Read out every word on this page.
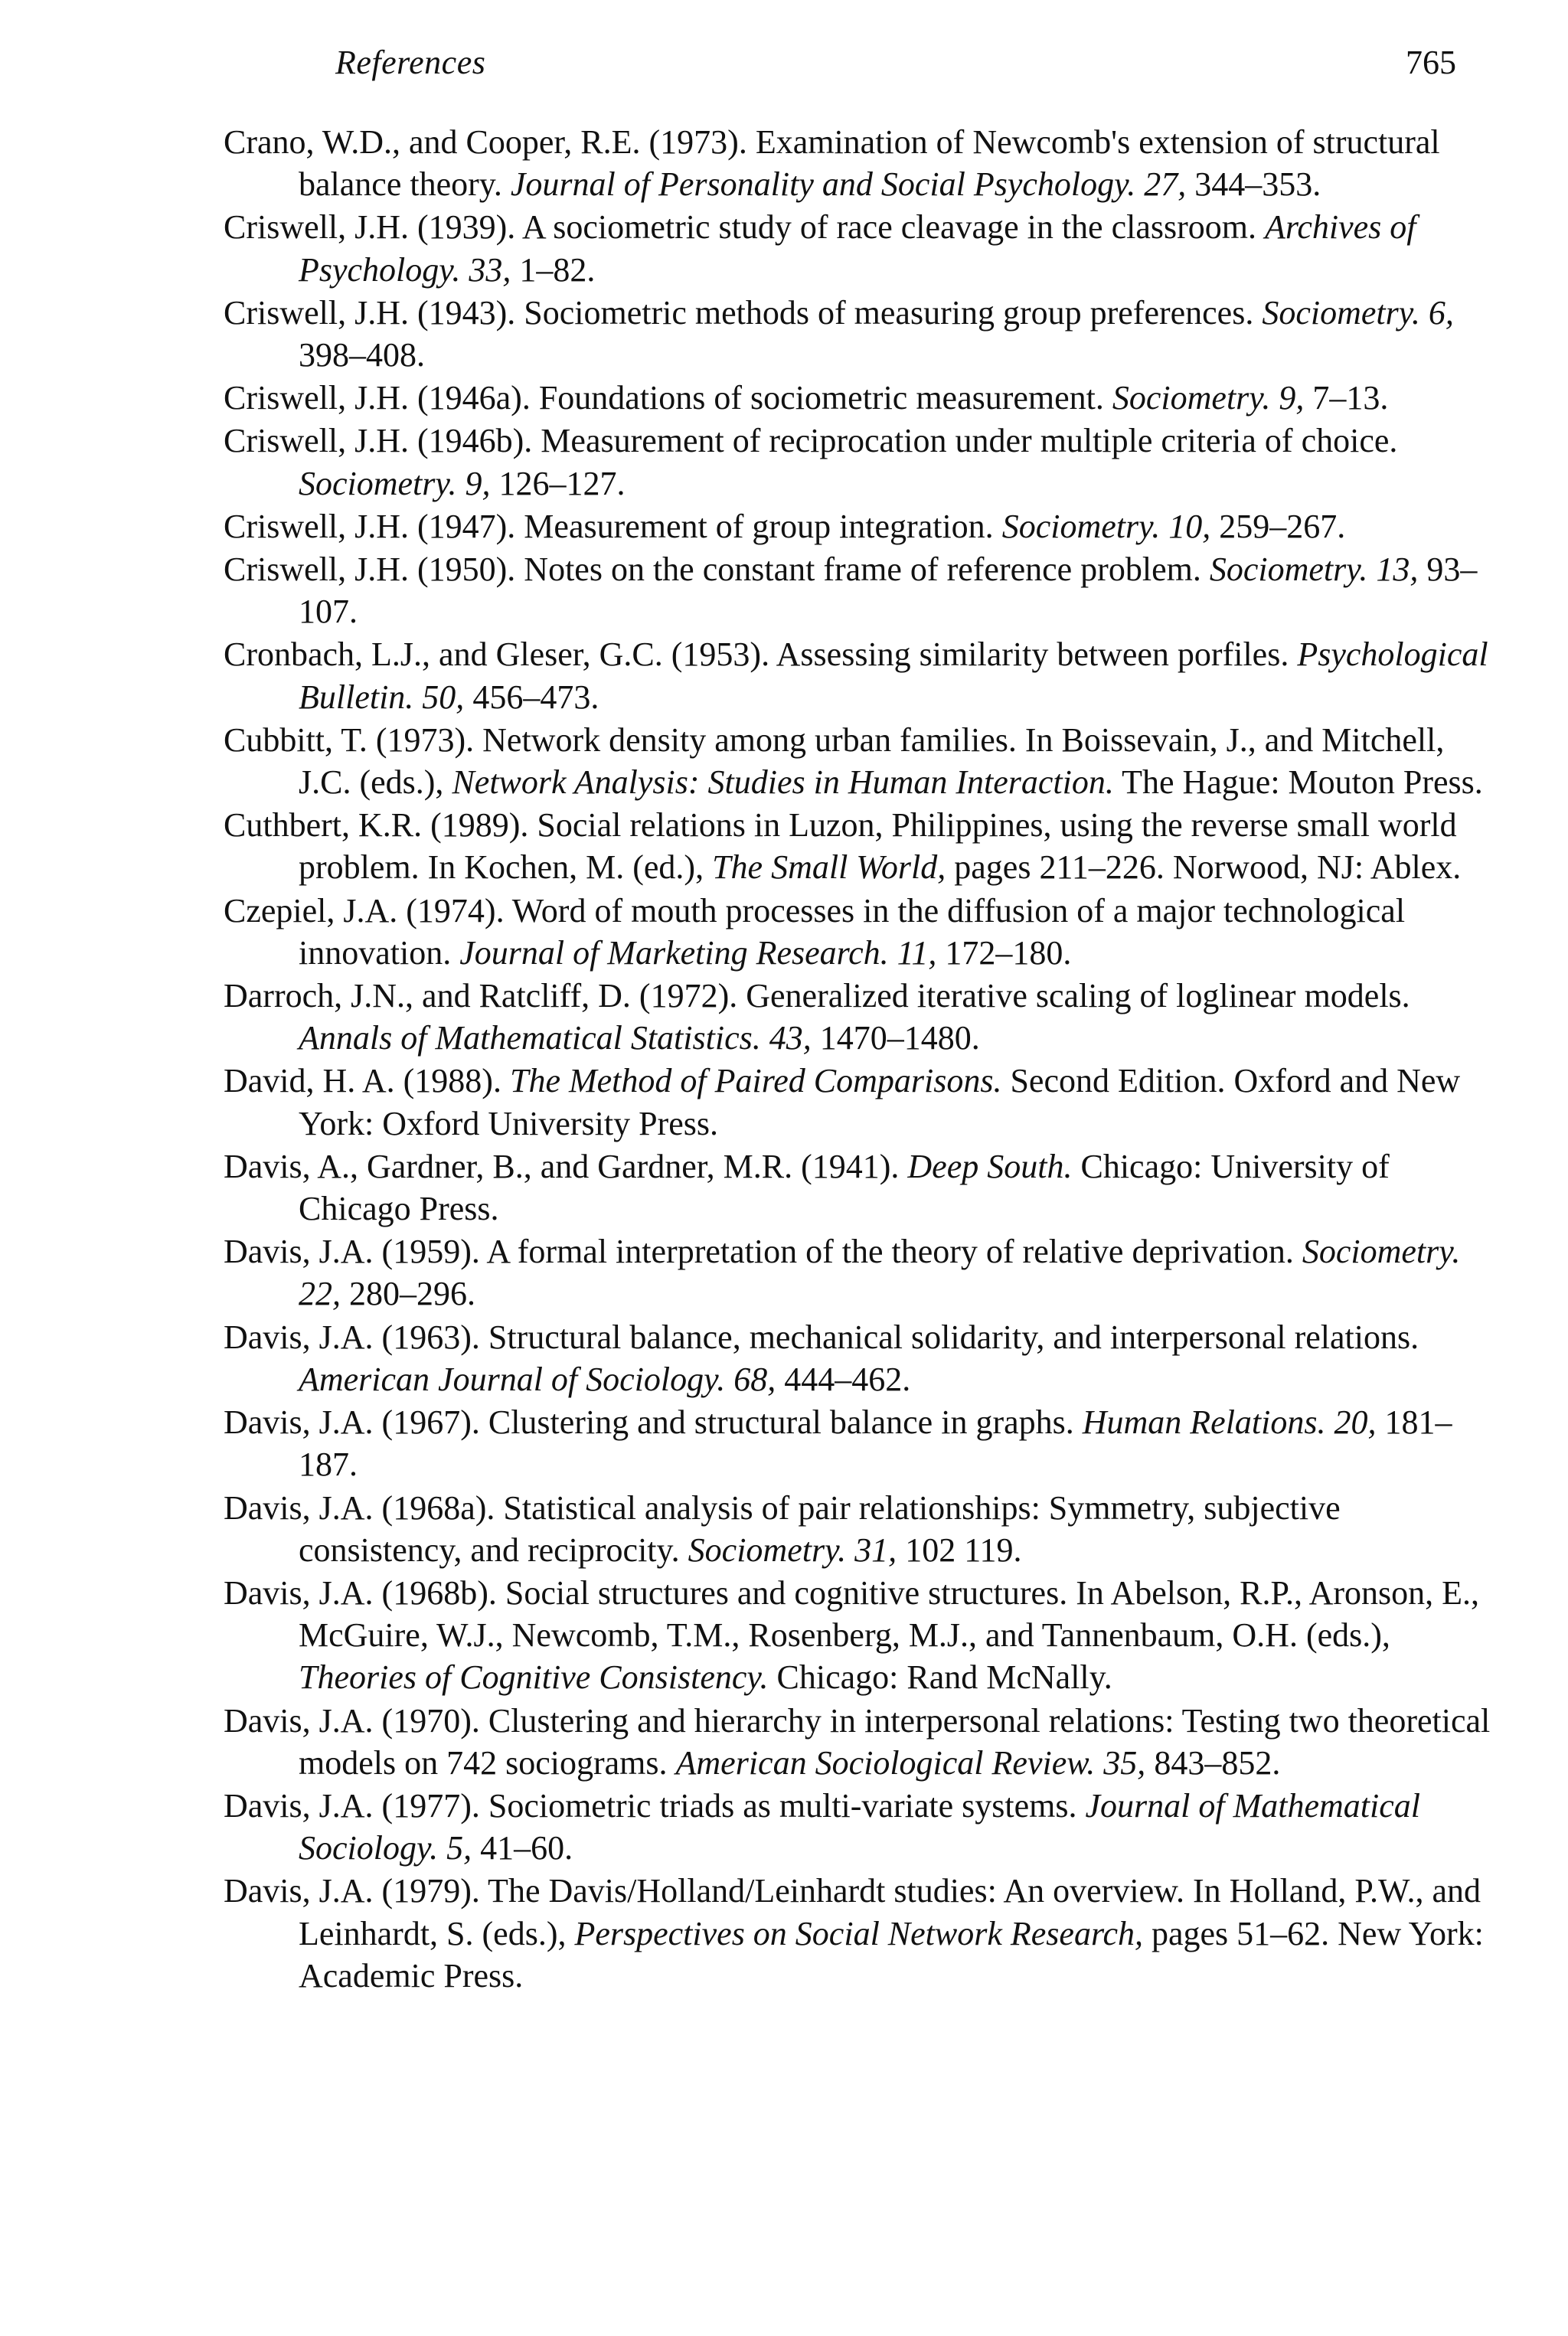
References	765
Crano, W.D., and Cooper, R.E. (1973). Examination of Newcomb's extension of structural balance theory. Journal of Personality and Social Psychology. 27, 344–353.
Criswell, J.H. (1939). A sociometric study of race cleavage in the classroom. Archives of Psychology. 33, 1–82.
Criswell, J.H. (1943). Sociometric methods of measuring group preferences. Sociometry. 6, 398–408.
Criswell, J.H. (1946a). Foundations of sociometric measurement. Sociometry. 9, 7–13.
Criswell, J.H. (1946b). Measurement of reciprocation under multiple criteria of choice. Sociometry. 9, 126–127.
Criswell, J.H. (1947). Measurement of group integration. Sociometry. 10, 259–267.
Criswell, J.H. (1950). Notes on the constant frame of reference problem. Sociometry. 13, 93–107.
Cronbach, L.J., and Gleser, G.C. (1953). Assessing similarity between porfiles. Psychological Bulletin. 50, 456–473.
Cubbitt, T. (1973). Network density among urban families. In Boissevain, J., and Mitchell, J.C. (eds.), Network Analysis: Studies in Human Interaction. The Hague: Mouton Press.
Cuthbert, K.R. (1989). Social relations in Luzon, Philippines, using the reverse small world problem. In Kochen, M. (ed.), The Small World, pages 211–226. Norwood, NJ: Ablex.
Czepiel, J.A. (1974). Word of mouth processes in the diffusion of a major technological innovation. Journal of Marketing Research. 11, 172–180.
Darroch, J.N., and Ratcliff, D. (1972). Generalized iterative scaling of loglinear models. Annals of Mathematical Statistics. 43, 1470–1480.
David, H. A. (1988). The Method of Paired Comparisons. Second Edition. Oxford and New York: Oxford University Press.
Davis, A., Gardner, B., and Gardner, M.R. (1941). Deep South. Chicago: University of Chicago Press.
Davis, J.A. (1959). A formal interpretation of the theory of relative deprivation. Sociometry. 22, 280–296.
Davis, J.A. (1963). Structural balance, mechanical solidarity, and interpersonal relations. American Journal of Sociology. 68, 444–462.
Davis, J.A. (1967). Clustering and structural balance in graphs. Human Relations. 20, 181–187.
Davis, J.A. (1968a). Statistical analysis of pair relationships: Symmetry, subjective consistency, and reciprocity. Sociometry. 31, 102 119.
Davis, J.A. (1968b). Social structures and cognitive structures. In Abelson, R.P., Aronson, E., McGuire, W.J., Newcomb, T.M., Rosenberg, M.J., and Tannenbaum, O.H. (eds.), Theories of Cognitive Consistency. Chicago: Rand McNally.
Davis, J.A. (1970). Clustering and hierarchy in interpersonal relations: Testing two theoretical models on 742 sociograms. American Sociological Review. 35, 843–852.
Davis, J.A. (1977). Sociometric triads as multi-variate systems. Journal of Mathematical Sociology. 5, 41–60.
Davis, J.A. (1979). The Davis/Holland/Leinhardt studies: An overview. In Holland, P.W., and Leinhardt, S. (eds.), Perspectives on Social Network Research, pages 51–62. New York: Academic Press.
